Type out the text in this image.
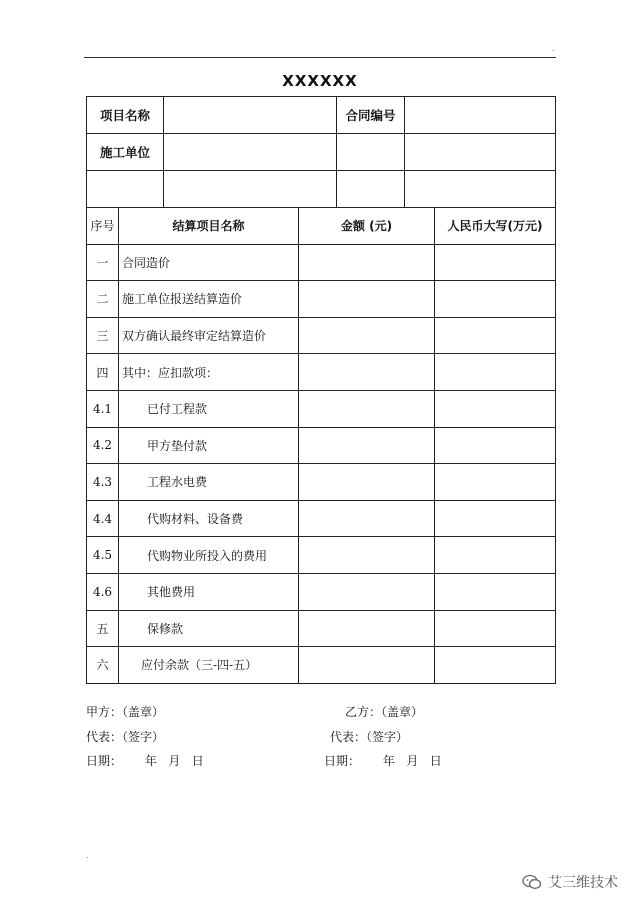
.
XXXXXX
项目名称		合同编号	
施工单位			

序号	结算项目名称	金额 (元)	人民币大写(万元)
一	合同造价		
二	施工单位报送结算造价		
三	双方确认最终审定结算造价		
四	其中：应扣款项：		
4.1	已付工程款		
4.2	甲方垫付款		
4.3	工程水电费		
4.4	代购材料、设备费		
4.5	代购物业所投入的费用		
4.6	其他费用		
五	保修款		
六	应付余款（三-四-五）		
甲方：（盖章）	乙方：（盖章）
代表：（签字）	代表：（签字）
日期：      年   月   日	日期：      年   月   日
.
艾三维技术
